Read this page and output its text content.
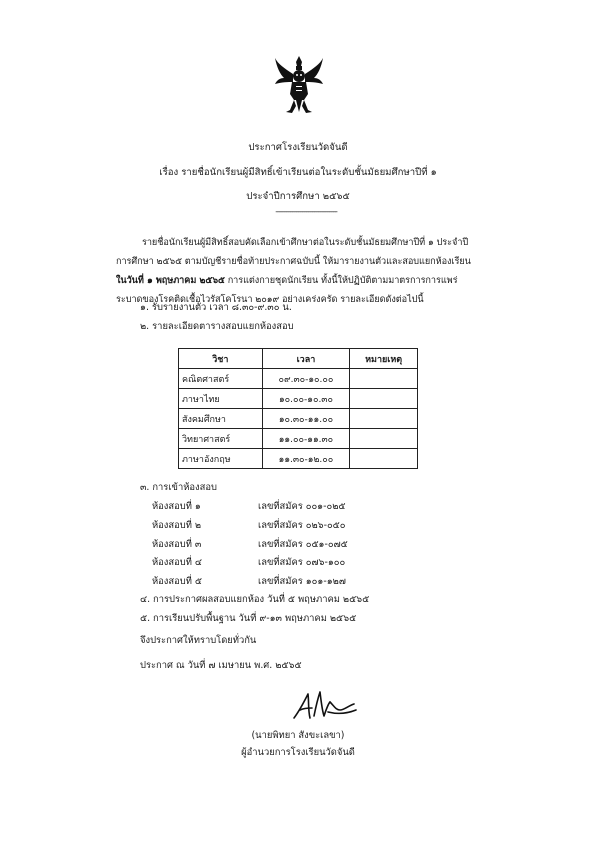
ประกาศโรงเรียนวัดจันดี
เรื่อง รายชื่อนักเรียนผู้มีสิทธิ์เข้าเรียนต่อในระดับชั้นมัธยมศึกษาปีที่ ๑
ประจำปีการศึกษา ๒๕๖๕
------------------------------
รายชื่อนักเรียนผู้มีสิทธิ์สอบคัดเลือกเข้าศึกษาต่อในระดับชั้นมัธยมศึกษาปีที่ ๑ ประจำปีการศึกษา ๒๕๖๕ ตามบัญชีรายชื่อท้ายประกาศฉบับนี้ ให้มารายงานตัวและสอบแยกห้องเรียน ในวันที่ ๑ พฤษภาคม ๒๕๖๕ การแต่งกายชุดนักเรียน ทั้งนี้ให้ปฏิบัติตามมาตรการการแพร่ระบาดของโรคติดเชื้อไวรัสโคโรนา ๒๐๑๙ อย่างเคร่งครัด รายละเอียดดังต่อไปนี้
๑. รับรายงานตัว เวลา ๘.๓๐-๙.๓๐ น.
๒. รายละเอียดตารางสอบแยกห้องสอบ
วิชา	เวลา	หมายเหตุ
คณิตศาสตร์	๐๙.๓๐-๑๐.๐๐	
ภาษาไทย	๑๐.๐๐-๑๐.๓๐	
สังคมศึกษา	๑๐.๓๐-๑๑.๐๐	
วิทยาศาสตร์	๑๑.๐๐-๑๑.๓๐	
ภาษาอังกฤษ	๑๑.๓๐-๑๒.๐๐	
๓. การเข้าห้องสอบ
ห้องสอบที่ ๑	เลขที่สมัคร ๐๐๑-๐๒๕
ห้องสอบที่ ๒	เลขที่สมัคร ๐๒๖-๐๕๐
ห้องสอบที่ ๓	เลขที่สมัคร ๐๕๑-๐๗๕
ห้องสอบที่ ๔	เลขที่สมัคร ๐๗๖-๑๐๐
ห้องสอบที่ ๕	เลขที่สมัคร ๑๐๑-๑๒๗
๔. การประกาศผลสอบแยกห้อง วันที่ ๕ พฤษภาคม ๒๕๖๕
๕. การเรียนปรับพื้นฐาน วันที่ ๙-๑๓ พฤษภาคม ๒๕๖๕
จึงประกาศให้ทราบโดยทั่วกัน
ประกาศ ณ วันที่ ๗ เมษายน พ.ศ. ๒๕๖๕
(นายพิทยา สังขะเลขา)
ผู้อำนวยการโรงเรียนวัดจันดี
